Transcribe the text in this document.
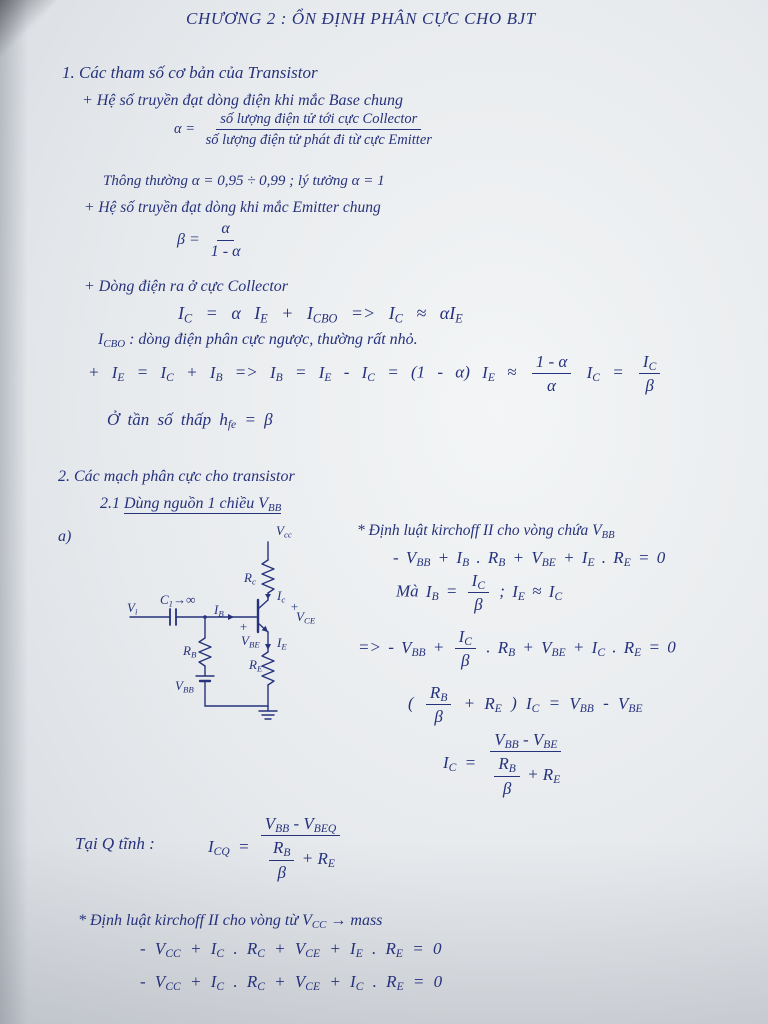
CHƯƠNG 2 : ỔN ĐỊNH PHÂN CỰC CHO BJT
1. Các tham số cơ bản của Transistor
+ Hệ số truyền đạt dòng điện khi mắc Base chung
$\alpha = \frac{\text{số lượng điện tử tới cực Collector}}{\text{số lượng điện tử phát đi từ cực Emitter}}$
Thông thường α = 0,95 ÷ 0,99 ; lý tưởng α = 1
+ Hệ số truyền đạt dòng khi mắc Emitter chung
$\beta = \frac{\alpha}{1 - \alpha}$
+ Dòng điện ra ở cực Collector
$I_C = \alpha$ $I_E + I_{CBO} => I_C \approx \alpha I_E$
$I_{CBO}$ : dòng điện phân cực ngược, thường rất nhỏ.
+ $I_E = I_C + I_B => I_B = I_E - I_C = (1 - \alpha) I_E \approx \frac{1 - \alpha}{\alpha} I_C = \frac{I_C}{\beta}$
Ở tần số thấp $h_{fe} = \beta$
2. Các mạch phân cực cho transistor
2.1 Dùng nguồn 1 chiều $V_{BB}$
a)	* Định luật kirchoff II cho vòng chứa $V_{BB}$
- $V_{BB} + I_B$ . $R_B + V_{BE} + I_E$ . $R_E = 0$
Mà $I_B = \frac{I_C}{\beta}$ ; $I_E \approx I_C$
=> - $V_{BB} + \frac{I_C}{\beta}$ . $R_B + V_{BE} + I_C$ . $R_E = 0$
( $\frac{R_B}{\beta} + R_E$ ) $I_C = V_{BB} - V_{BE}$
$I_C = \frac{V_{BB} - V_{BE}}{\frac{R_B}{\beta} + R_E}$
Tại Q tĩnh :	$I_{CQ} = \frac{V_{BB} - V_{BEQ}}{\frac{R_B}{\beta} + R_E}$
* Định luật kirchoff II cho vòng từ $V_{CC}$ → mass
- $V_{CC} + I_C$ . $R_C + V_{CE} + I_E$ . $R_E = 0$
- $V_{CC} + I_C$ . $R_C + V_{CE} + I_C$ . $R_E = 0$
$V_{cc}$
$R_c$
$I_c$ +
$V_{CE}$
$V_i$
$C_1\to\infty$
$I_B$
$R_B$
$V_{BB}$
+
$V_{BE}$ $I_E$
$R_E$
